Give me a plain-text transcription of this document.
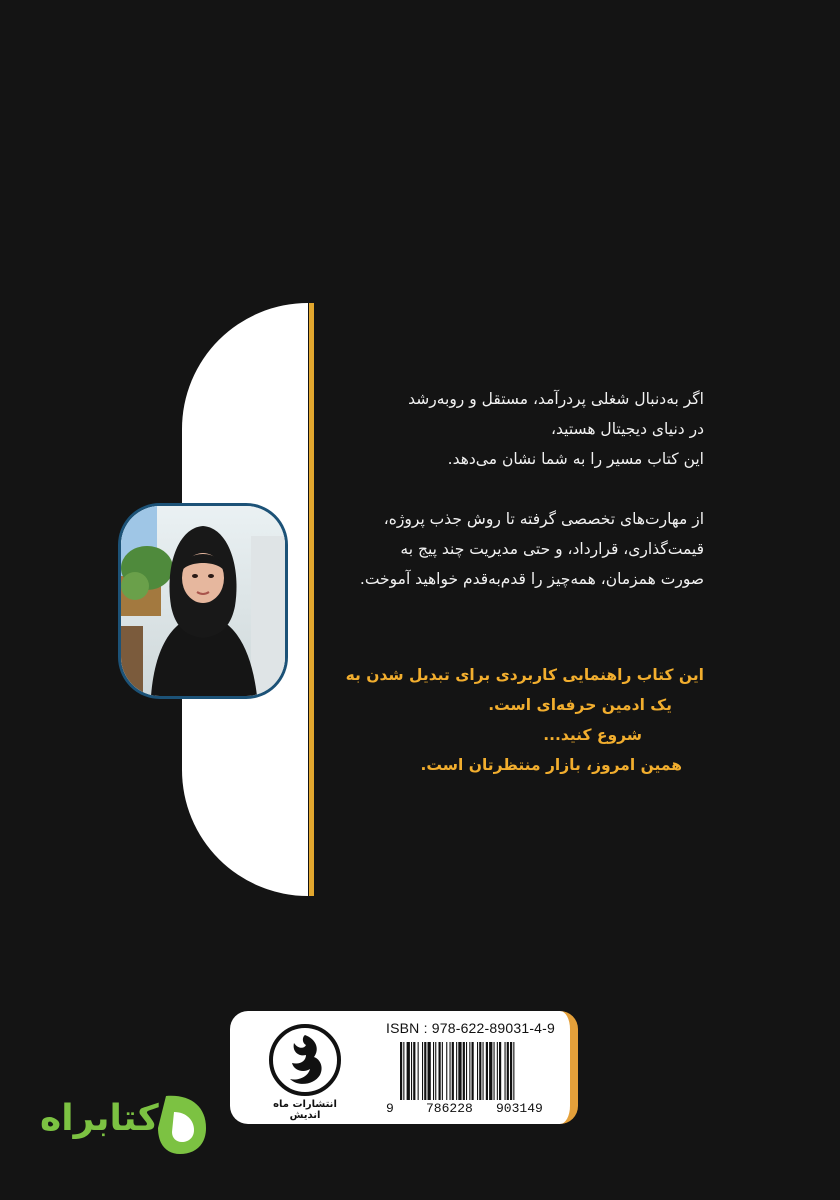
اگر به‌دنبال شغلی پردرآمد، مستقل و روبه‌رشد
در دنیای دیجیتال هستید،
این کتاب مسیر را به شما نشان می‌دهد.

از مهارت‌های تخصصی گرفته تا روش جذب پروژه،
قیمت‌گذاری، قرارداد، و حتی مدیریت چند پیج به
صورت همزمان، همه‌چیز را قدم‌به‌قدم خواهید آموخت.

این کتاب راهنمایی کاربردی برای تبدیل شدن به
یک ادمین حرفه‌ای است.
شروع کنید...
همین امروز، بازار منتظرتان است.

انتشارات ماه اندیش
ISBN : 978-622-89031-4-9
9 786228 903149
کتابراه
